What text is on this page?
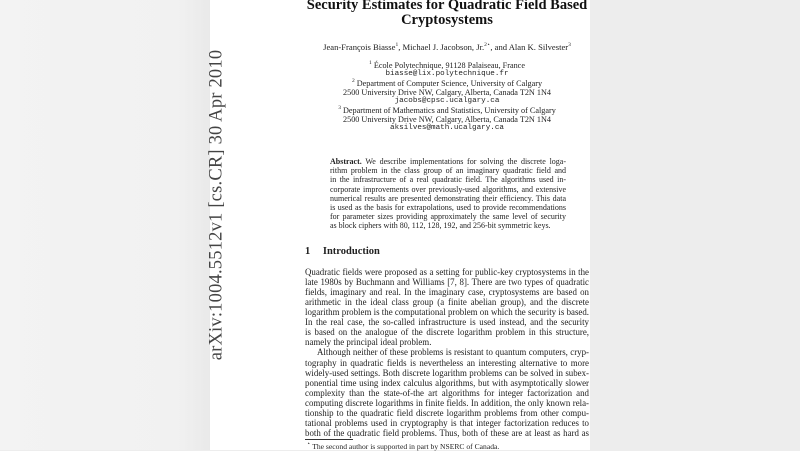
arXiv:1004.5512v1 [cs.CR] 30 Apr 2010
Security Estimates for Quadratic Field Based
Cryptosystems
Jean-François Biasse$^1$, Michael J. Jacobson, Jr.$^{2⋆}$, and Alan K. Silvester$^3$
$^1$ École Polytechnique, 91128 Palaiseau, France
biasse@lix.polytechnique.fr
$^2$ Department of Computer Science, University of Calgary
2500 University Drive NW, Calgary, Alberta, Canada T2N 1N4
jacobs@cpsc.ucalgary.ca
$^3$ Department of Mathematics and Statistics, University of Calgary
2500 University Drive NW, Calgary, Alberta, Canada T2N 1N4
aksilves@math.ucalgary.ca
Abstract. We describe implementations for solving the discrete loga-
rithm problem in the class group of an imaginary quadratic field and
in the infrastructure of a real quadratic field. The algorithms used in-
corporate improvements over previously-used algorithms, and extensive
numerical results are presented demonstrating their efficiency. This data
is used as the basis for extrapolations, used to provide recommendations
for parameter sizes providing approximately the same level of security
as block ciphers with 80, 112, 128, 192, and 256-bit symmetric keys.
1 Introduction
Quadratic fields were proposed as a setting for public-key cryptosystems in the
late 1980s by Buchmann and Williams [7, 8]. There are two types of quadratic
fields, imaginary and real. In the imaginary case, cryptosystems are based on
arithmetic in the ideal class group (a finite abelian group), and the discrete
logarithm problem is the computational problem on which the security is based.
In the real case, the so-called infrastructure is used instead, and the security
is based on the analogue of the discrete logarithm problem in this structure,
namely the principal ideal problem.
Although neither of these problems is resistant to quantum computers, cryp-
tography in quadratic fields is nevertheless an interesting alternative to more
widely-used settings. Both discrete logarithm problems can be solved in subex-
ponential time using index calculus algorithms, but with asymptotically slower
complexity than the state-of-the art algorithms for integer factorization and
computing discrete logarithms in finite fields. In addition, the only known rela-
tionship to the quadratic field discrete logarithm problems from other compu-
tational problems used in cryptography is that integer factorization reduces to
both of the quadratic field problems. Thus, both of these are at least as hard as
⋆ The second author is supported in part by NSERC of Canada.
